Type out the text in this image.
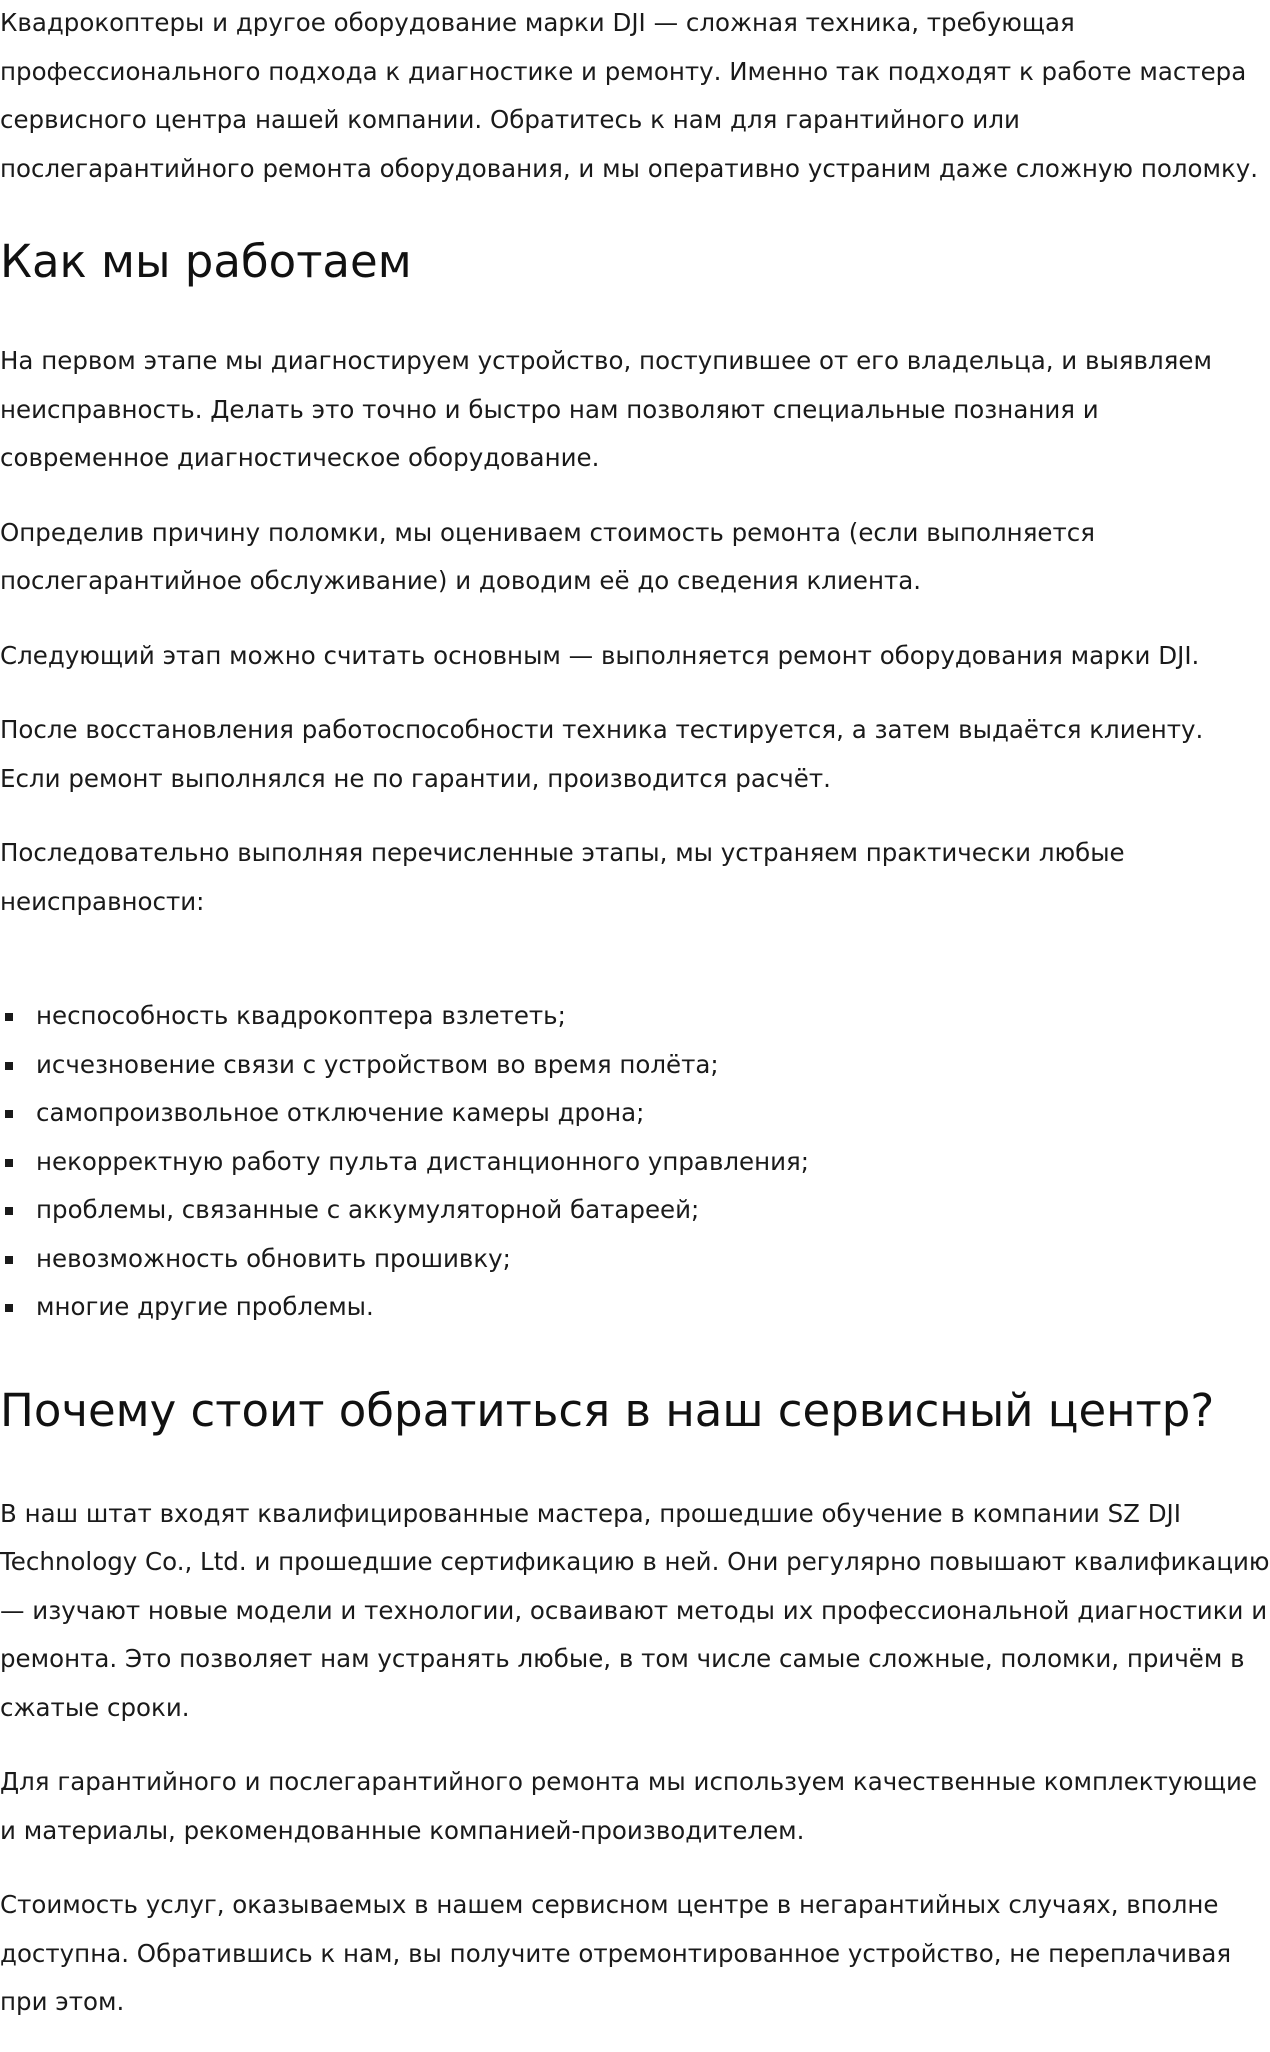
Квадрокоптеры и другое оборудование марки DJI — сложная техника, требующая профессионального подхода к диагностике и ремонту. Именно так подходят к работе мастера сервисного центра нашей компании. Обратитесь к нам для гарантийного или послегарантийного ремонта оборудования, и мы оперативно устраним даже сложную поломку.

Как мы работаем

На первом этапе мы диагностируем устройство, поступившее от его владельца, и выявляем неисправность. Делать это точно и быстро нам позволяют специальные познания и современное диагностическое оборудование.

Определив причину поломки, мы оцениваем стоимость ремонта (если выполняется послегарантийное обслуживание) и доводим её до сведения клиента.

Следующий этап можно считать основным — выполняется ремонт оборудования марки DJI.

После восстановления работоспособности техника тестируется, а затем выдаётся клиенту. Если ремонт выполнялся не по гарантии, производится расчёт.

Последовательно выполняя перечисленные этапы, мы устраняем практически любые неисправности:

неспособность квадрокоптера взлететь;
исчезновение связи с устройством во время полёта;
самопроизвольное отключение камеры дрона;
некорректную работу пульта дистанционного управления;
проблемы, связанные с аккумуляторной батареей;
невозможность обновить прошивку;
многие другие проблемы.
Почему стоит обратиться в наш сервисный центр?

В наш штат входят квалифицированные мастера, прошедшие обучение в компании SZ DJI Technology Co., Ltd. и прошедшие сертификацию в ней. Они регулярно повышают квалификацию — изучают новые модели и технологии, осваивают методы их профессиональной диагностики и ремонта. Это позволяет нам устранять любые, в том числе самые сложные, поломки, причём в сжатые сроки.

Для гарантийного и послегарантийного ремонта мы используем качественные комплектующие и материалы, рекомендованные компанией-производителем.

Стоимость услуг, оказываемых в нашем сервисном центре в негарантийных случаях, вполне доступна. Обратившись к нам, вы получите отремонтированное устройство, не переплачивая при этом.
